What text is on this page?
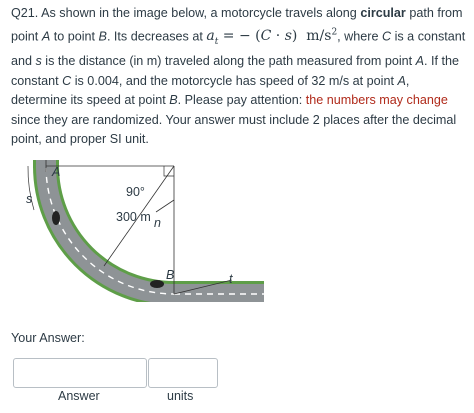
Q21. As shown in the image below, a motorcycle travels along circular path from point A to point B. Its decreases at $a_t$ = − (C · s) $m/s^2$, where C is a constant and s is the distance (in m) traveled along the path measured from point A. If the constant C is 0.004, and the motorcycle has speed of 32 m/s at point A, determine its speed at point B. Please pay attention: the numbers may change since they are randomized. Your answer must include 2 places after the decimal point, and proper SI unit.
A
s	90°
300 m n
B	t
Your Answer:
Answer	units
